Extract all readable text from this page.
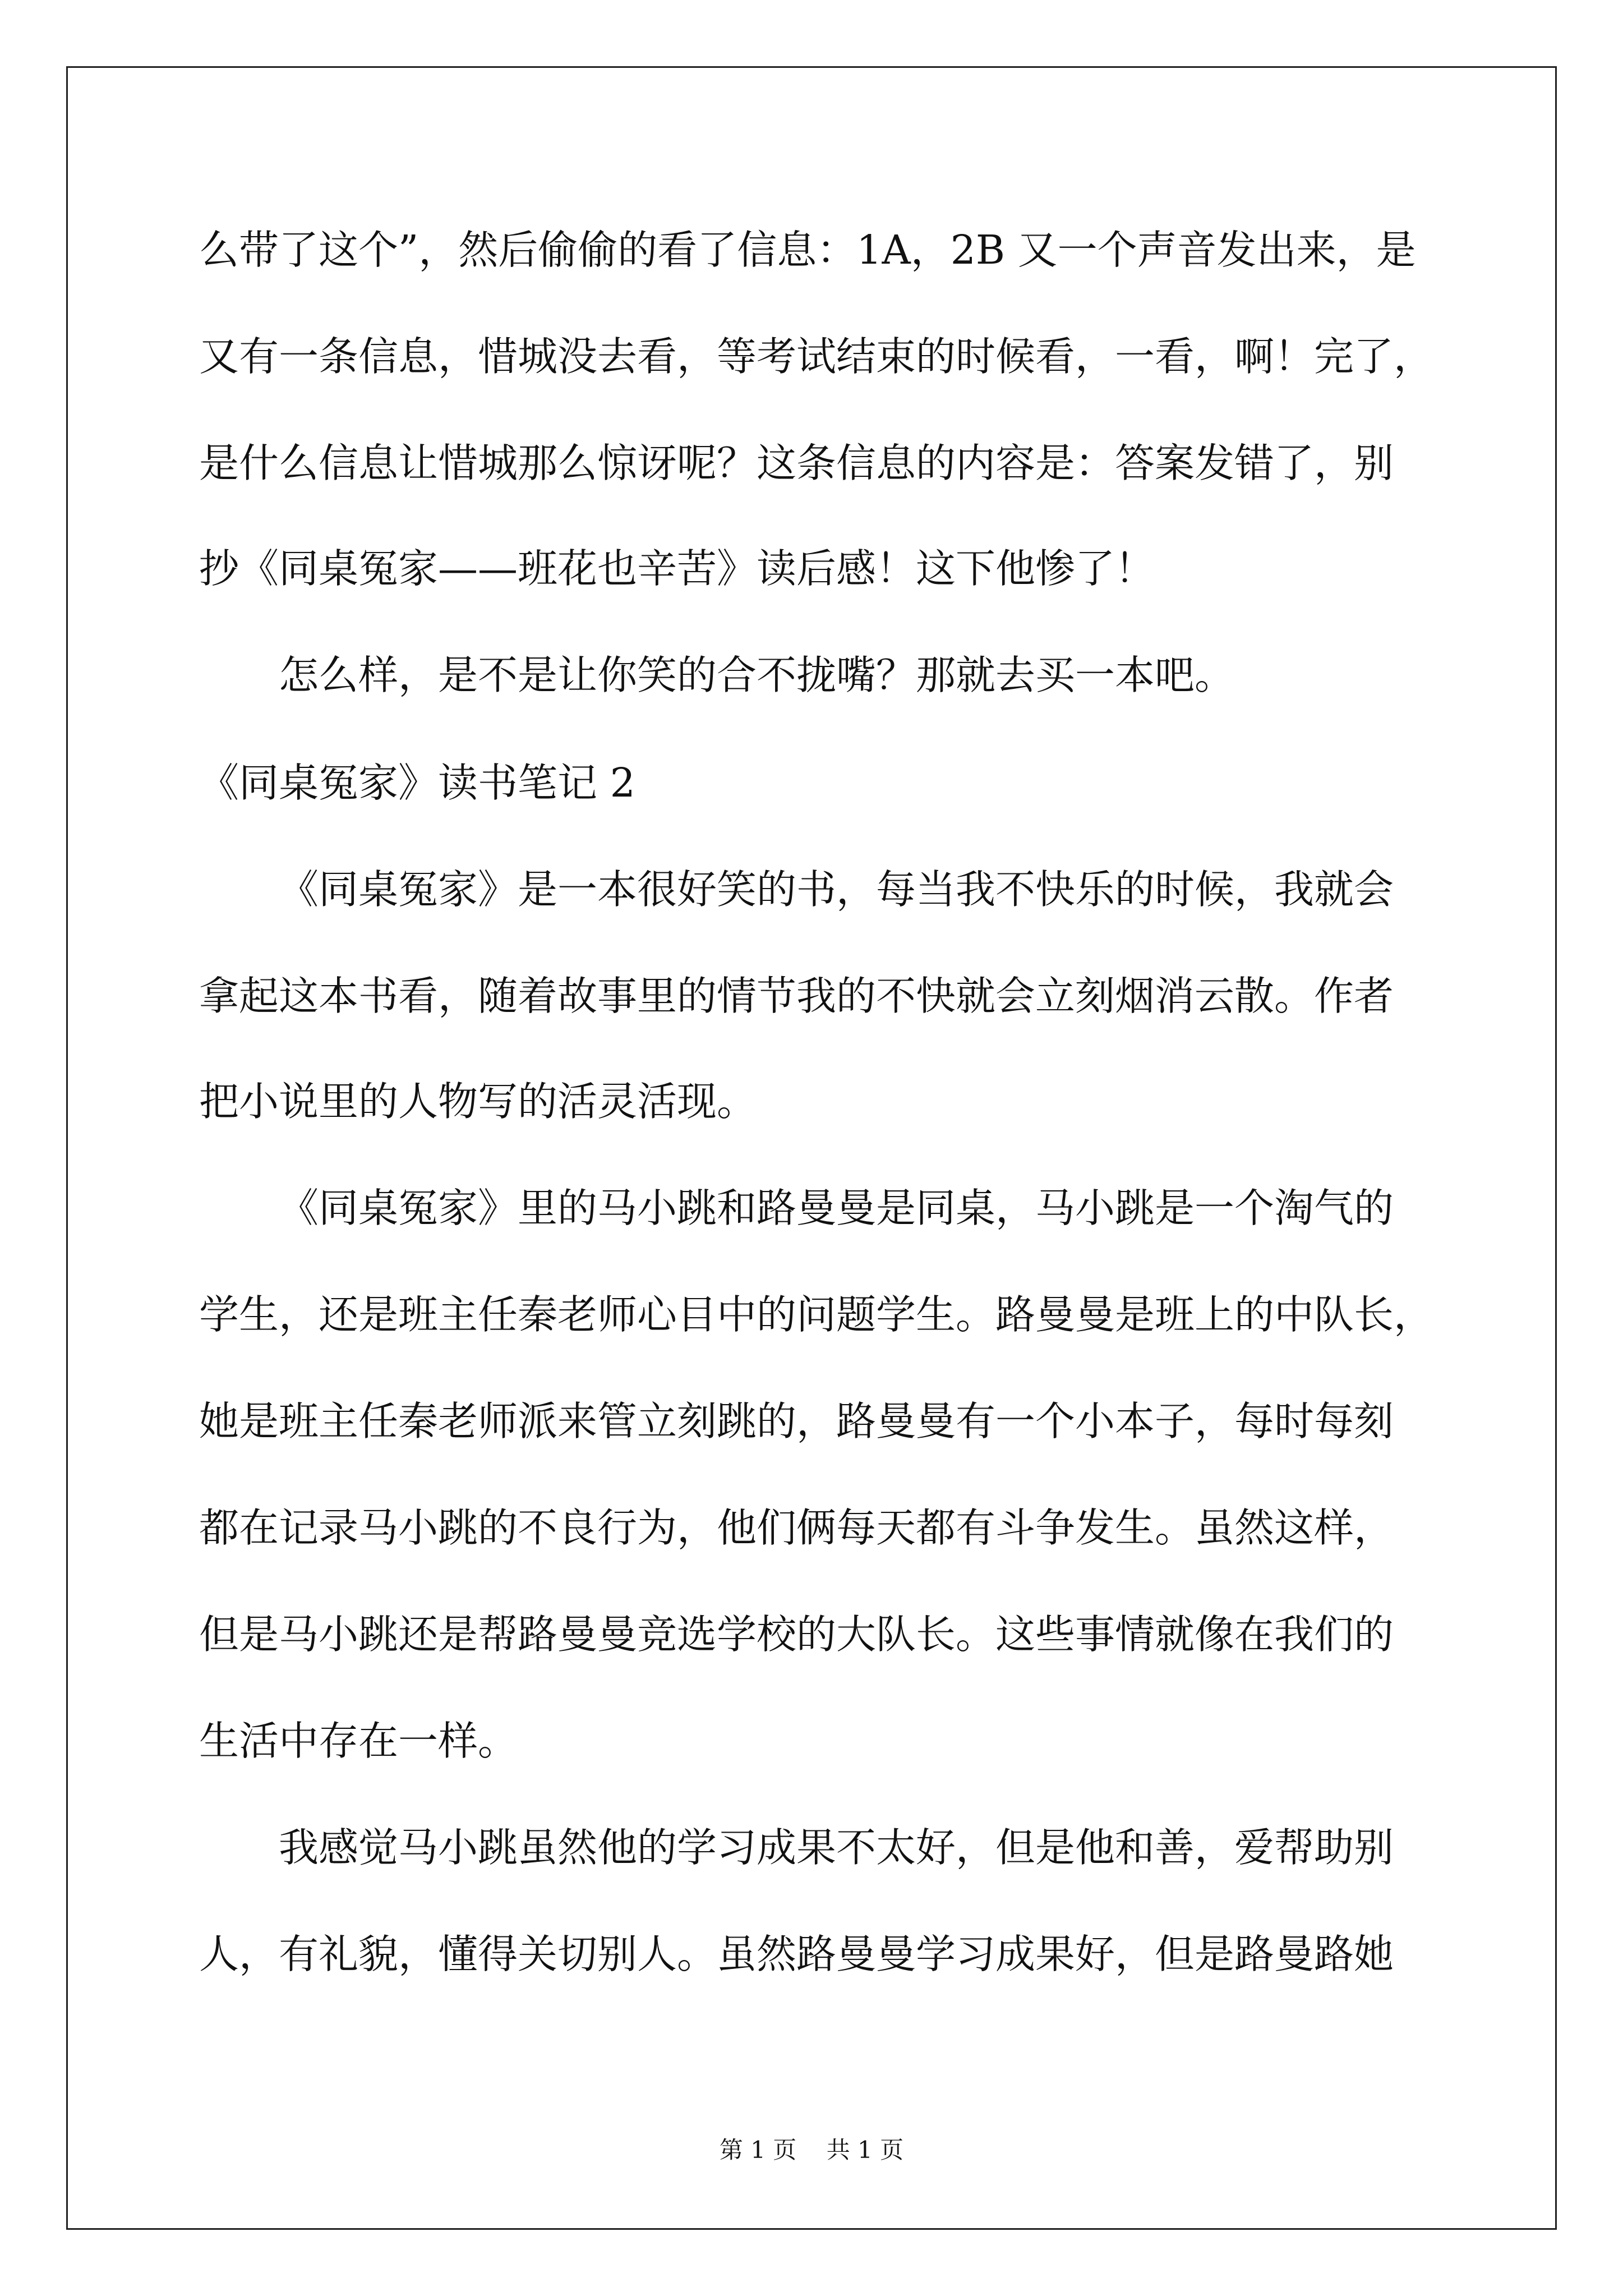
么带了这个”，然后偷偷的看了信息：1A，2B 又一个声音发出来，是
又有一条信息，惜城没去看，等考试结束的时候看，一看，啊！完了，
是什么信息让惜城那么惊讶呢？这条信息的内容是：答案发错了，别
抄《同桌冤家——班花也辛苦》读后感！这下他惨了！
怎么样，是不是让你笑的合不拢嘴？那就去买一本吧。
《同桌冤家》读书笔记 2
《同桌冤家》是一本很好笑的书，每当我不快乐的时候，我就会
拿起这本书看，随着故事里的情节我的不快就会立刻烟消云散。作者
把小说里的人物写的活灵活现。
《同桌冤家》里的马小跳和路曼曼是同桌，马小跳是一个淘气的
学生，还是班主任秦老师心目中的问题学生。路曼曼是班上的中队长，
她是班主任秦老师派来管立刻跳的，路曼曼有一个小本子，每时每刻
都在记录马小跳的不良行为，他们俩每天都有斗争发生。虽然这样，
但是马小跳还是帮路曼曼竞选学校的大队长。这些事情就像在我们的
生活中存在一样。
我感觉马小跳虽然他的学习成果不太好，但是他和善，爱帮助别
人，有礼貌，懂得关切别人。虽然路曼曼学习成果好，但是路曼路她
第 1 页    共 1 页
